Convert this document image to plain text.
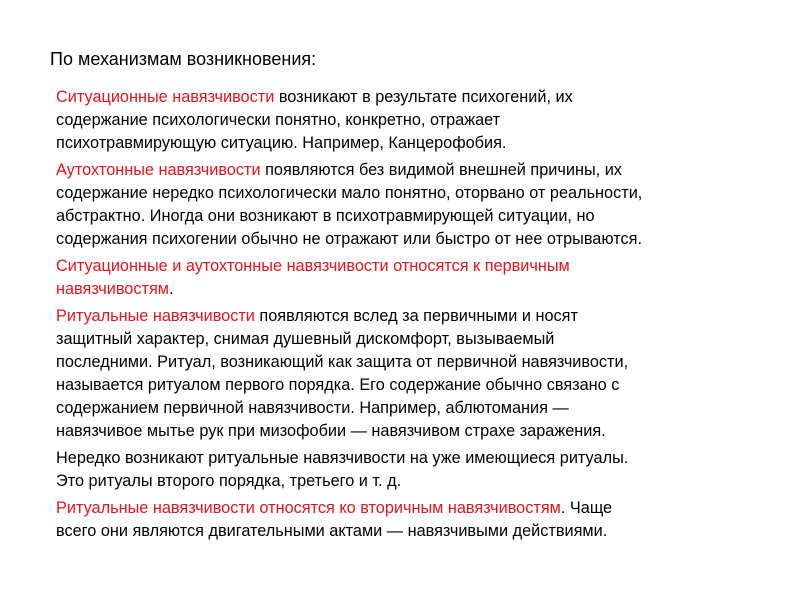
По механизмам возникновения:
Ситуационные навязчивости возникают в результате психогений, их
содержание психологически понятно, конкретно, отражает
психотравмирующую ситуацию. Например, Канцерофобия.
Аутохтонные навязчивости появляются без видимой внешней причины, их
содержание нередко психологически мало понятно, оторвано от реальности,
абстрактно. Иногда они возникают в психотравмирующей ситуации, но
содержания психогении обычно не отражают или быстро от нее отрываются.
Ситуационные и аутохтонные навязчивости относятся к первичным
навязчивостям.
Ритуальные навязчивости появляются вслед за первичными и носят
защитный характер, снимая душевный дискомфорт, вызываемый
последними. Ритуал, возникающий как защита от первичной навязчивости,
называется ритуалом первого порядка. Его содержание обычно связано с
содержанием первичной навязчивости. Например, аблютомания —
навязчивое мытье рук при мизофобии — навязчивом страхе заражения.
Нередко возникают ритуальные навязчивости на уже имеющиеся ритуалы.
Это ритуалы второго порядка, третьего и т. д.
Ритуальные навязчивости относятся ко вторичным навязчивостям. Чаще
всего они являются двигательными актами — навязчивыми действиями.
